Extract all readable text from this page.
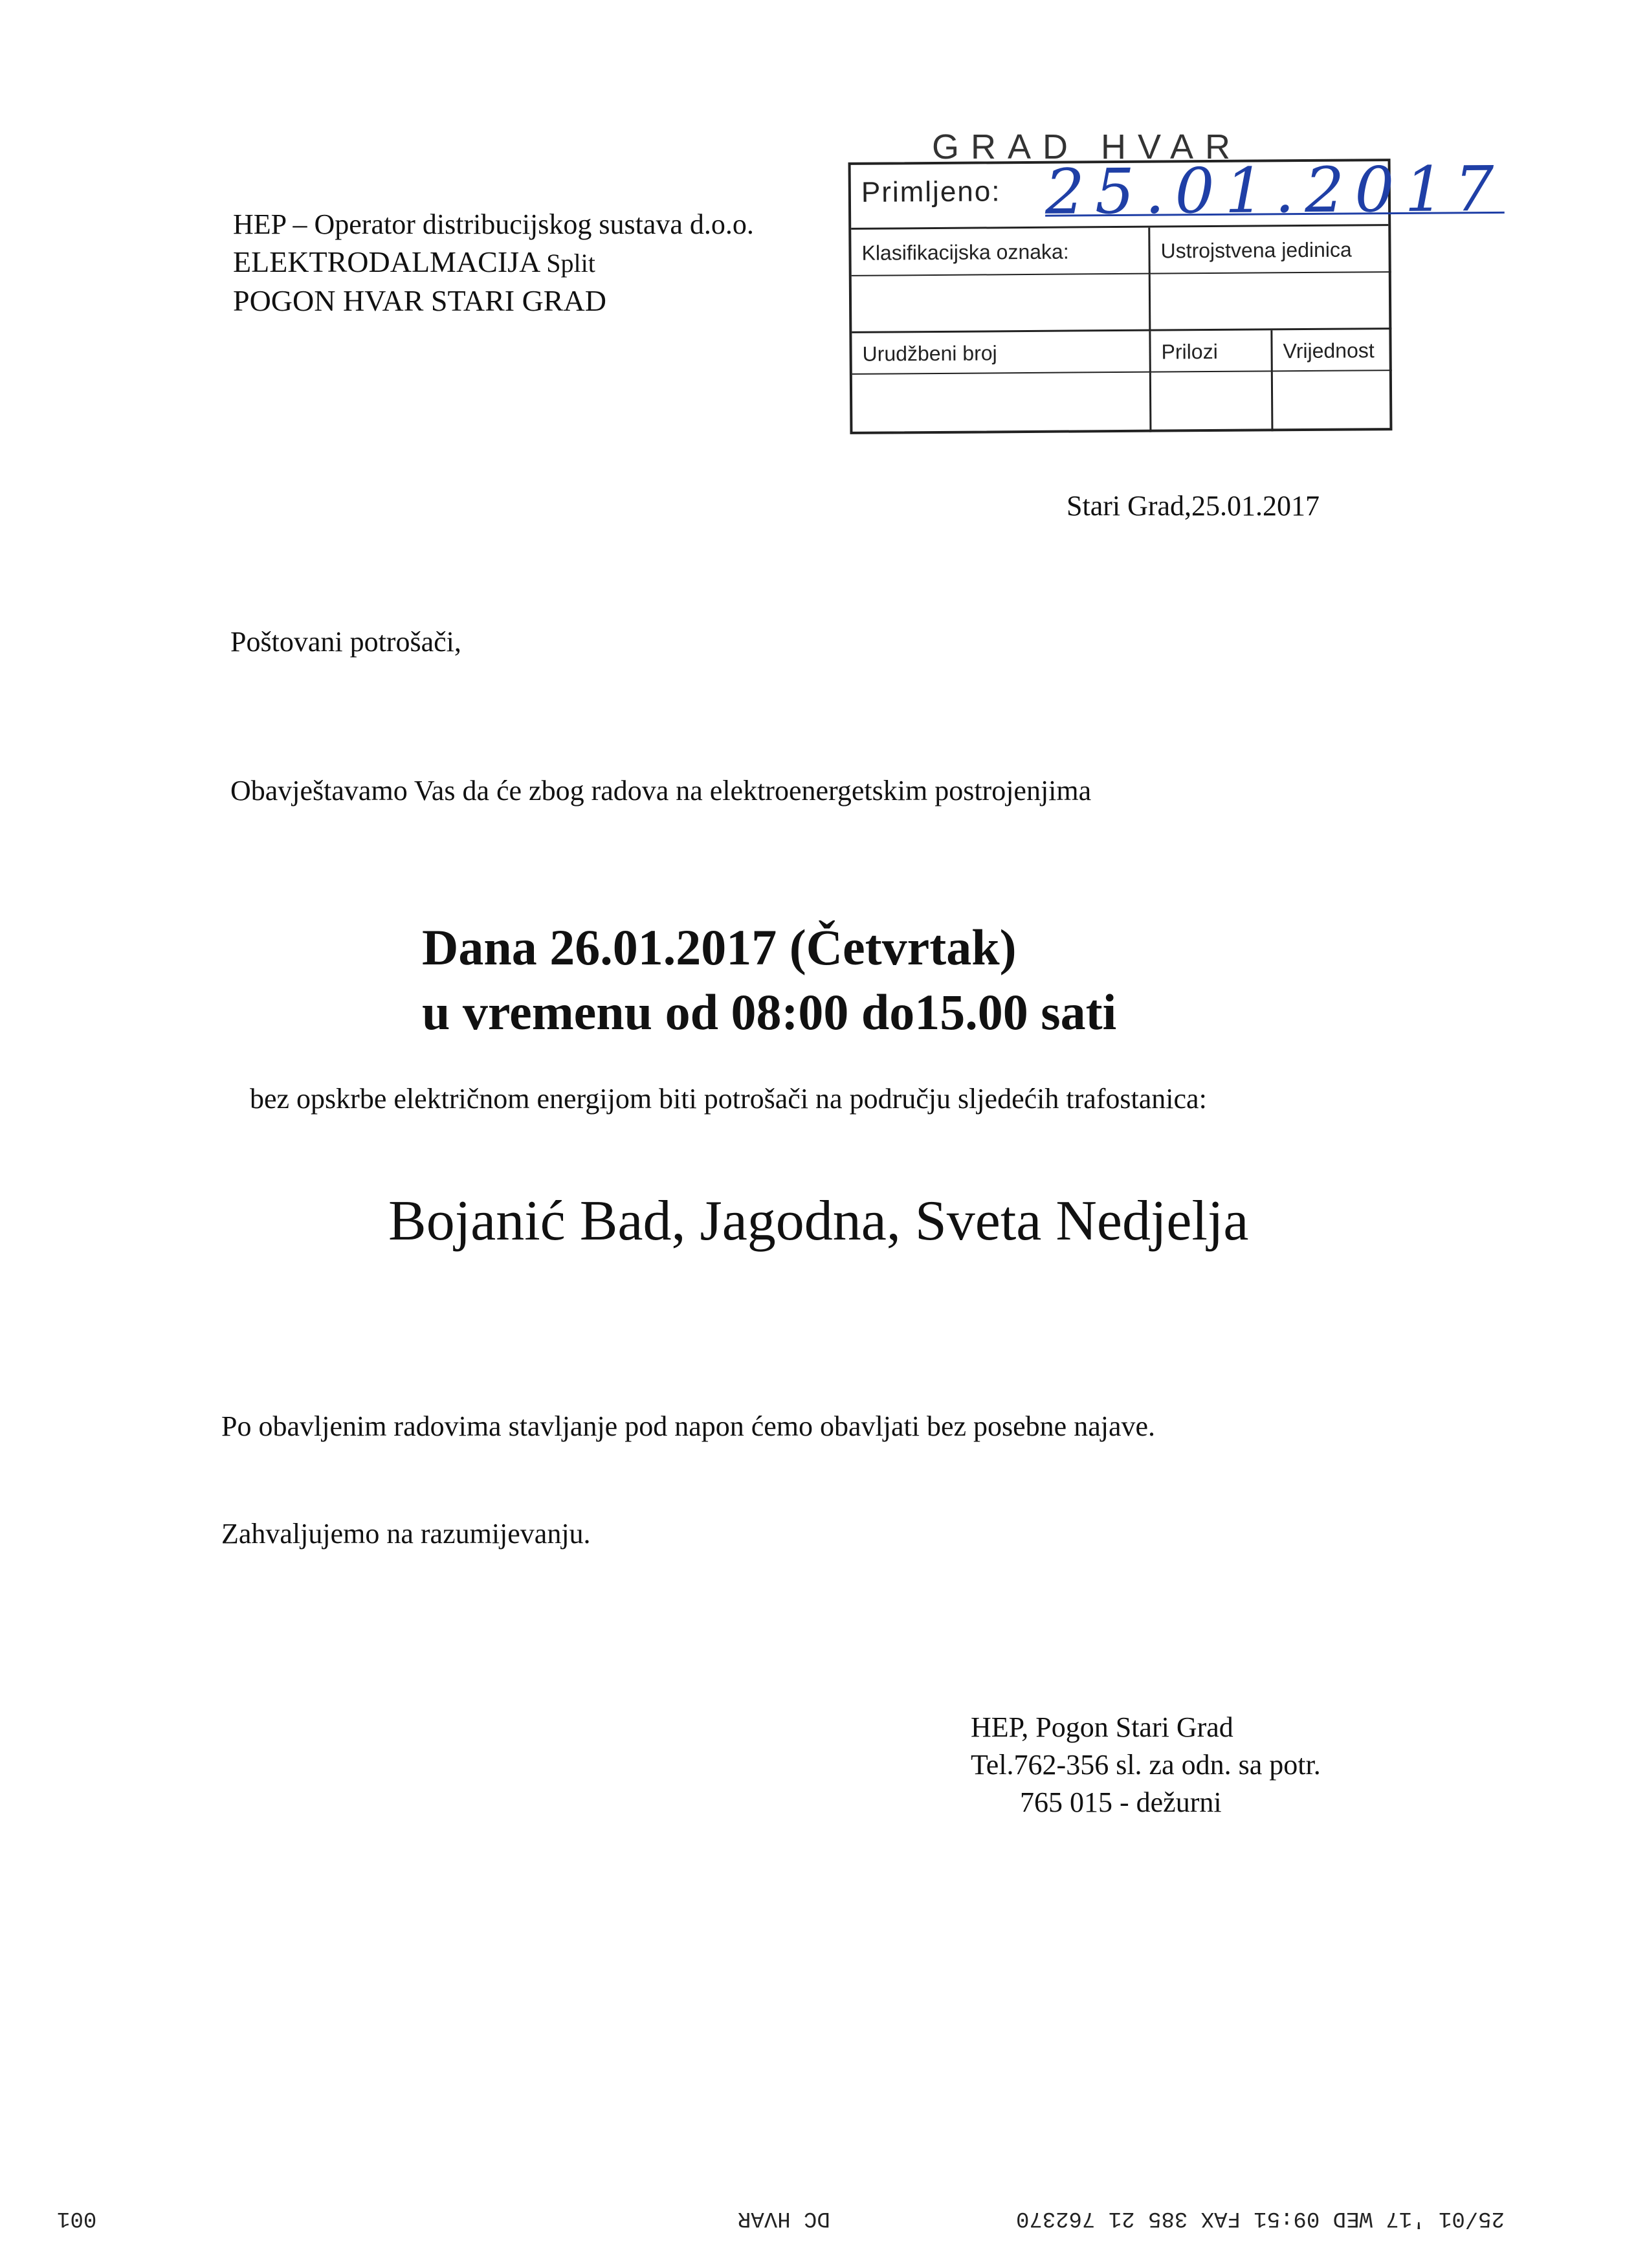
HEP – Operator distribucijskog sustava d.o.o.
ELEKTRODALMACIJA Split
POGON HVAR STARI GRAD
GRAD HVAR
Primljeno: 25.01.2017
Klasifikacijska oznaka:	Ustrojstvena jedinica
Urudžbeni broj	Prilozi	Vrijednost
Stari Grad,25.01.2017
Poštovani potrošači,
Obavještavamo Vas da će zbog radova na elektroenergetskim postrojenjima
Dana 26.01.2017 (Četvrtak)
u vremenu od 08:00 do15.00 sati
bez opskrbe električnom energijom biti potrošači na području sljedećih trafostanica:
Bojanić Bad, Jagodna, Sveta Nedjelja
Po obavljenim radovima stavljanje pod napon ćemo obavljati bez posebne najave.
Zahvaljujemo na razumijevanju.
HEP, Pogon Stari Grad
Tel.762-356 sl. za odn. sa potr.
765 015 - dežurni
25/01 '17 WED 09:51 FAX 385 21 762370
DC HVAR
001
